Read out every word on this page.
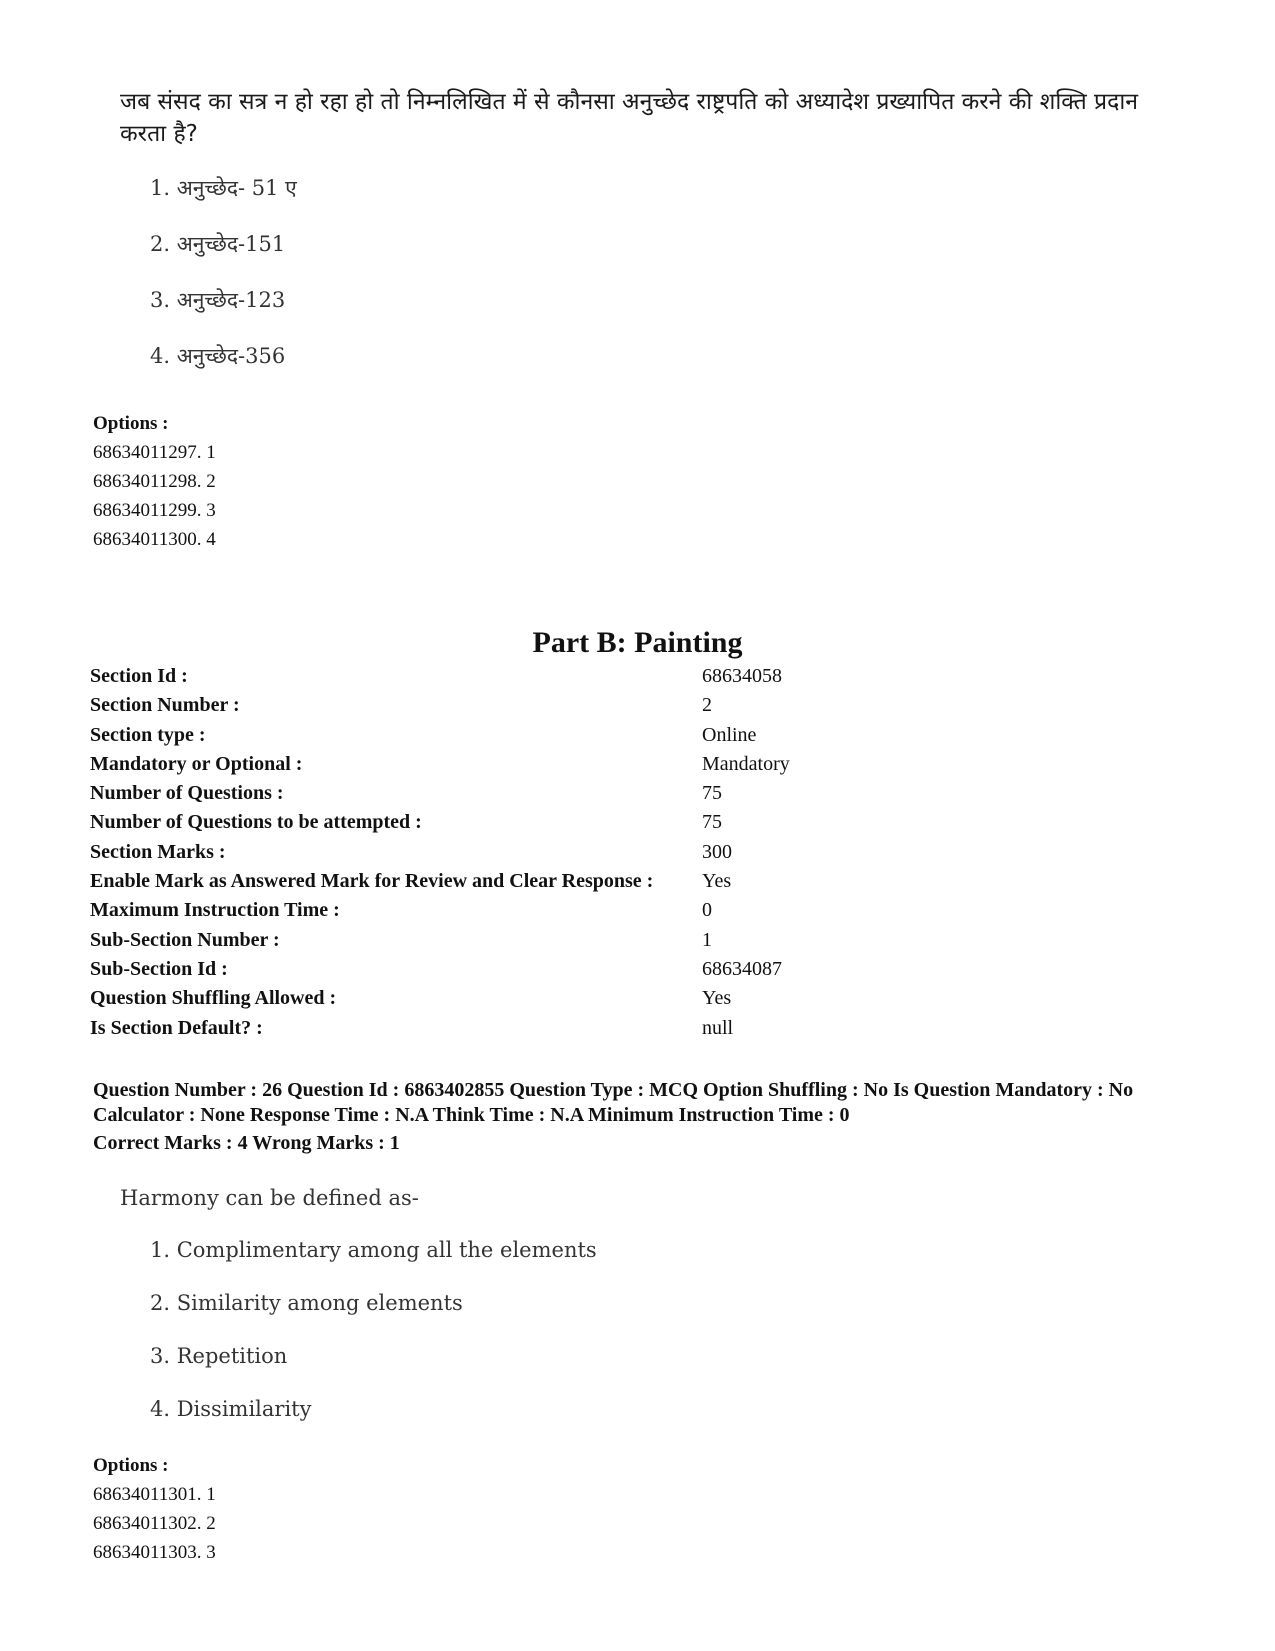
जब संसद का सत्र न हो रहा हो तो निम्नलिखित में से कौनसा अनुच्छेद राष्ट्रपति को अध्यादेश प्रख्यापित करने की शक्ति प्रदान करता है?
1. अनुच्छेद- 51 ए
2. अनुच्छेद-151
3. अनुच्छेद-123
4. अनुच्छेद-356
Options :
68634011297. 1
68634011298. 2
68634011299. 3
68634011300. 4
Part B: Painting
Section Id :	68634058
Section Number :	2
Section type :	Online
Mandatory or Optional :	Mandatory
Number of Questions :	75
Number of Questions to be attempted :	75
Section Marks :	300
Enable Mark as Answered Mark for Review and Clear Response : Yes
Maximum Instruction Time :	0
Sub-Section Number :	1
Sub-Section Id :	68634087
Question Shuffling Allowed :	Yes
Is Section Default? :	null
Question Number : 26 Question Id : 6863402855 Question Type : MCQ Option Shuffling : No Is Question Mandatory : No Calculator : None Response Time : N.A Think Time : N.A Minimum Instruction Time : 0
Correct Marks : 4 Wrong Marks : 1
Harmony can be defined as-
1. Complimentary among all the elements
2. Similarity among elements
3. Repetition
4. Dissimilarity
Options :
68634011301. 1
68634011302. 2
68634011303. 3
